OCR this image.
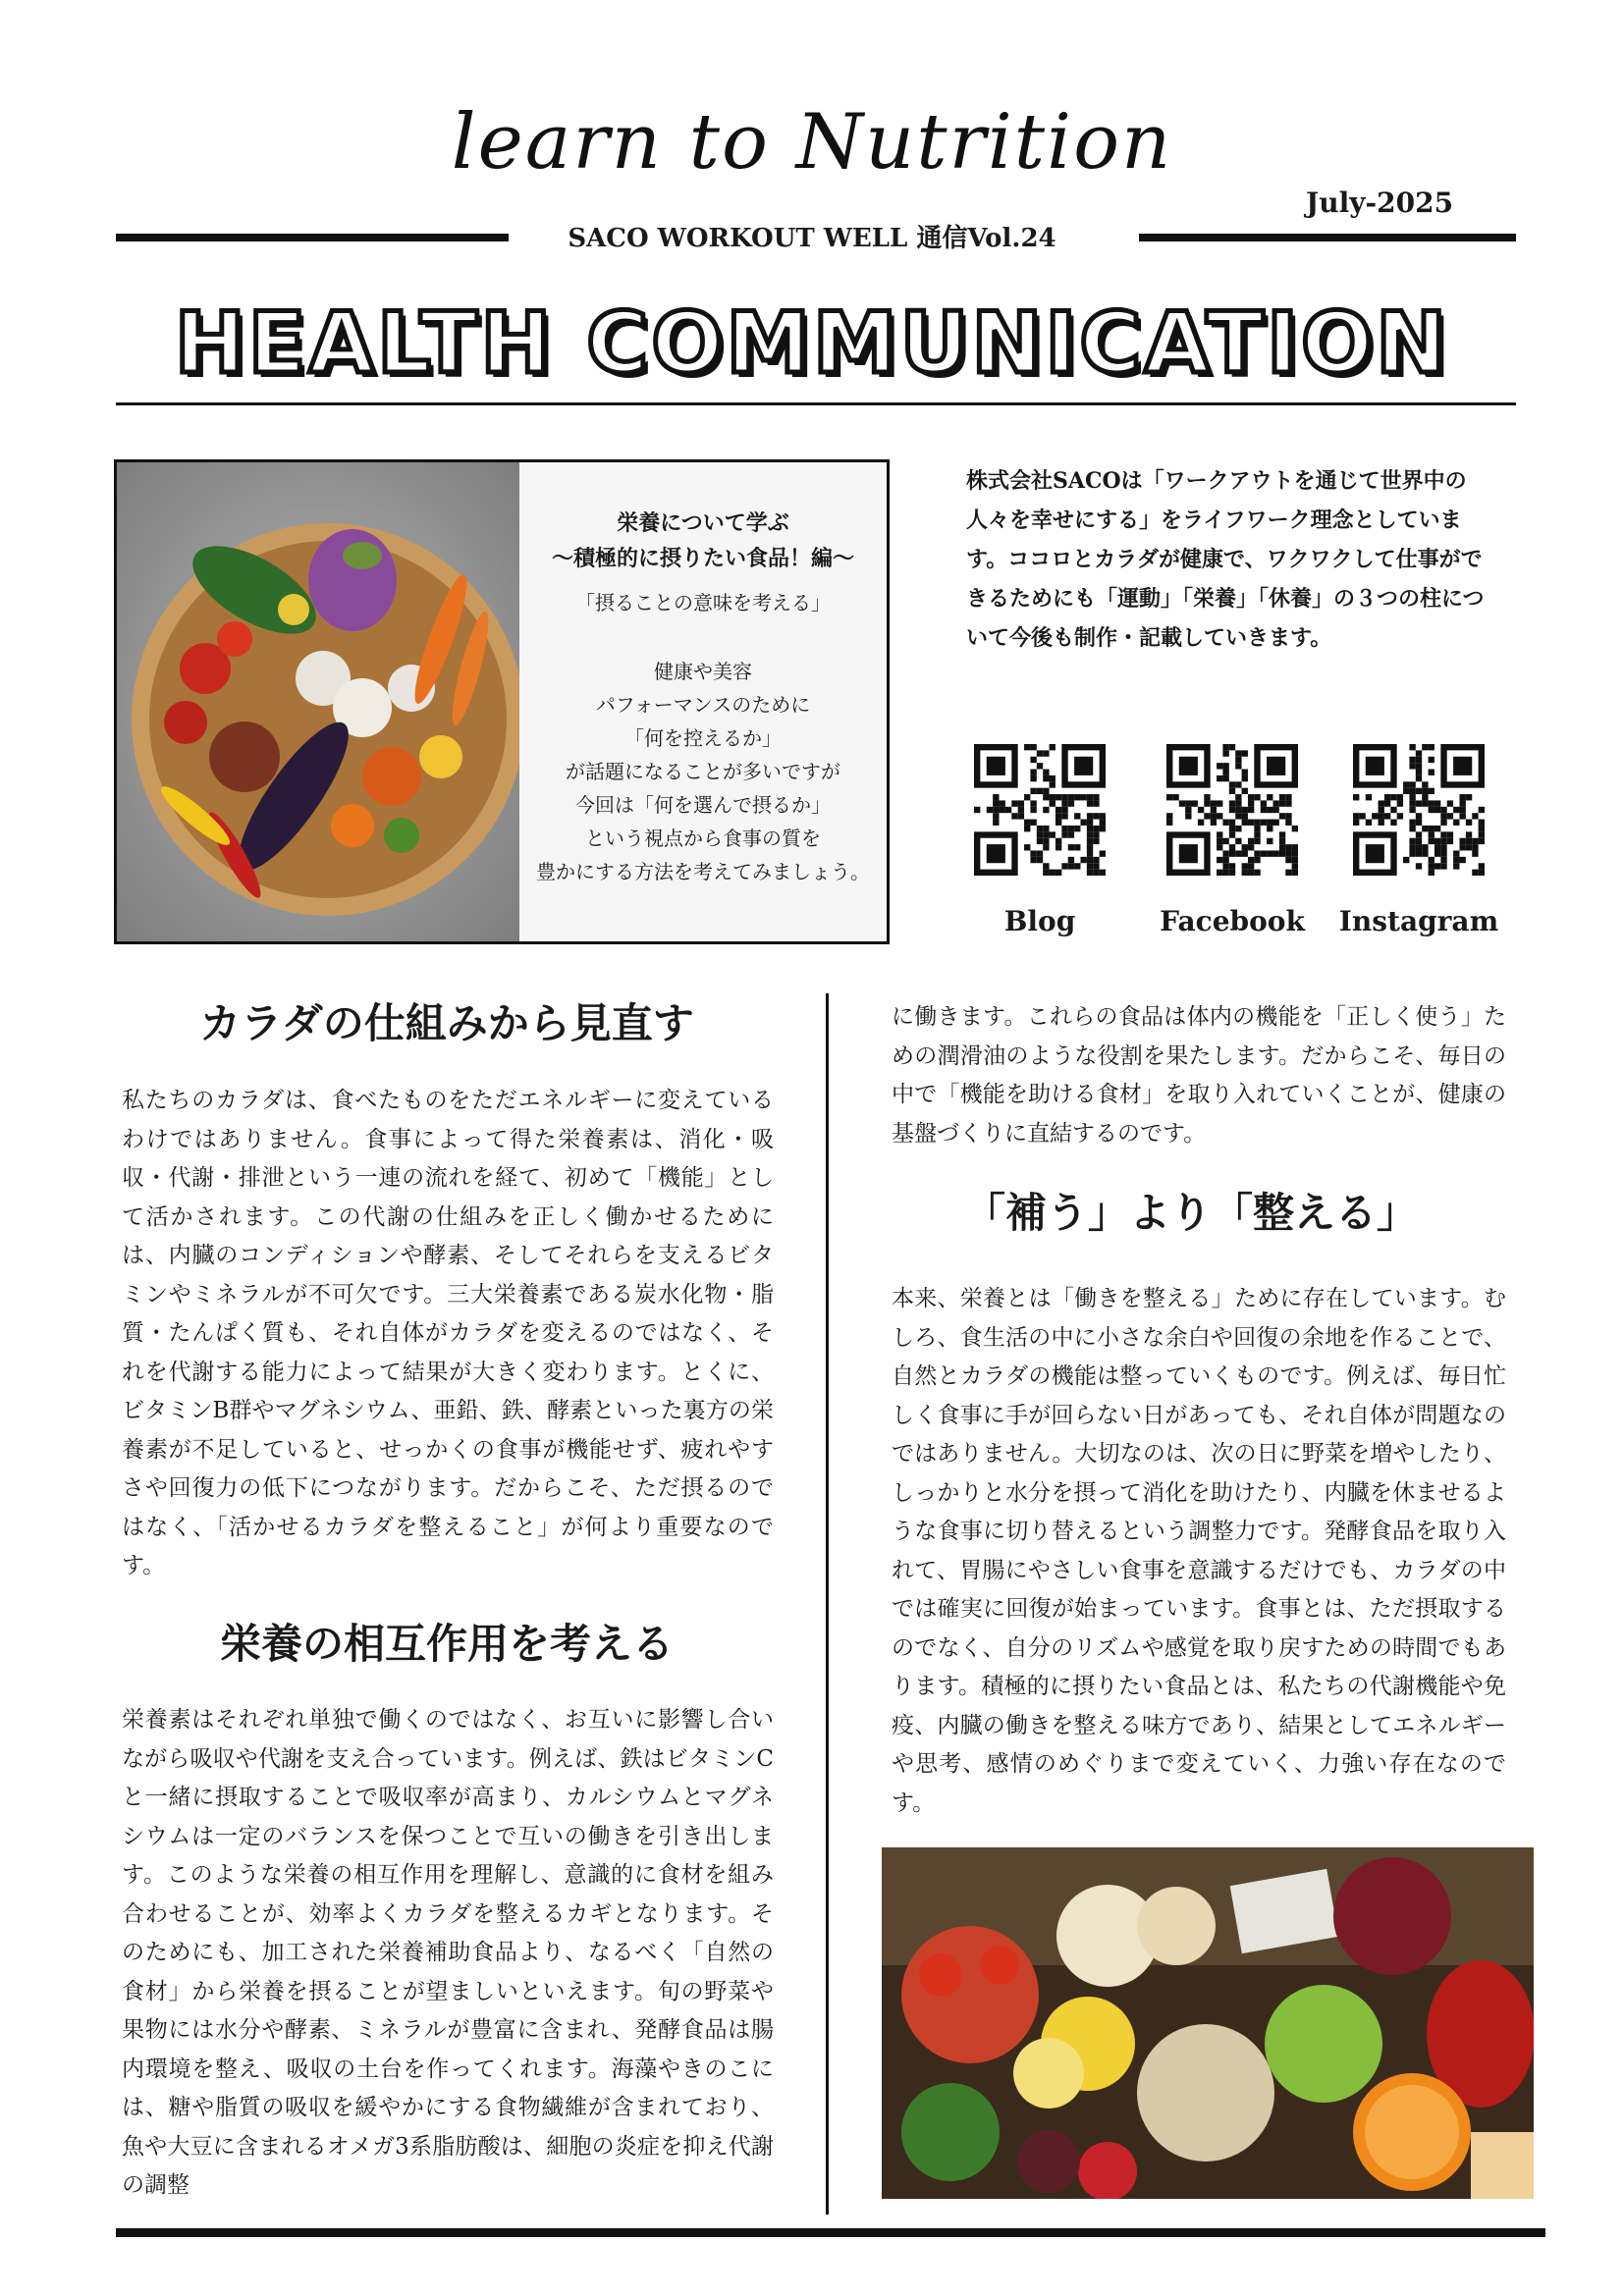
learn to Nutrition
July-2025
SACO WORKOUT WELL 通信Vol.24
HEALTH COMMUNICATION
栄養について学ぶ
〜積極的に摂りたい食品！編〜
「摂ることの意味を考える」
健康や美容
パフォーマンスのために
「何を控えるか」
が話題になることが多いですが
今回は「何を選んで摂るか」
という視点から食事の質を
豊かにする方法を考えてみましょう。
株式会社SACOは「ワークアウトを通じて世界中の人々を幸せにする」をライフワーク理念としています。ココロとカラダが健康で、ワクワクして仕事ができるためにも「運動」「栄養」「休養」の３つの柱について今後も制作・記載していきます。
Blog	Facebook	Instagram
カラダの仕組みから見直す
私たちのカラダは、食べたものをただエネルギーに変えているわけではありません。食事によって得た栄養素は、消化・吸収・代謝・排泄という一連の流れを経て、初めて「機能」として活かされます。この代謝の仕組みを正しく働かせるためには、内臓のコンディションや酵素、そしてそれらを支えるビタミンやミネラルが不可欠です。三大栄養素である炭水化物・脂質・たんぱく質も、それ自体がカラダを変えるのではなく、それを代謝する能力によって結果が大きく変わります。とくに、ビタミンB群やマグネシウム、亜鉛、鉄、酵素といった裏方の栄養素が不足していると、せっかくの食事が機能せず、疲れやすさや回復力の低下につながります。だからこそ、ただ摂るのではなく、「活かせるカラダを整えること」が何より重要なのです。
栄養の相互作用を考える
栄養素はそれぞれ単独で働くのではなく、お互いに影響し合いながら吸収や代謝を支え合っています。例えば、鉄はビタミンCと一緒に摂取することで吸収率が高まり、カルシウムとマグネシウムは一定のバランスを保つことで互いの働きを引き出します。このような栄養の相互作用を理解し、意識的に食材を組み合わせることが、効率よくカラダを整えるカギとなります。そのためにも、加工された栄養補助食品より、なるべく「自然の食材」から栄養を摂ることが望ましいといえます。旬の野菜や果物には水分や酵素、ミネラルが豊富に含まれ、発酵食品は腸内環境を整え、吸収の土台を作ってくれます。海藻やきのこには、糖や脂質の吸収を緩やかにする食物繊維が含まれており、魚や大豆に含まれるオメガ3系脂肪酸は、細胞の炎症を抑え代謝の調整
に働きます。これらの食品は体内の機能を「正しく使う」ための潤滑油のような役割を果たします。だからこそ、毎日の中で「機能を助ける食材」を取り入れていくことが、健康の基盤づくりに直結するのです。
「補う」より「整える」
本来、栄養とは「働きを整える」ために存在しています。むしろ、食生活の中に小さな余白や回復の余地を作ることで、自然とカラダの機能は整っていくものです。例えば、毎日忙しく食事に手が回らない日があっても、それ自体が問題なのではありません。大切なのは、次の日に野菜を増やしたり、しっかりと水分を摂って消化を助けたり、内臓を休ませるような食事に切り替えるという調整力です。発酵食品を取り入れて、胃腸にやさしい食事を意識するだけでも、カラダの中では確実に回復が始まっています。食事とは、ただ摂取するのでなく、自分のリズムや感覚を取り戻すための時間でもあります。積極的に摂りたい食品とは、私たちの代謝機能や免疫、内臓の働きを整える味方であり、結果としてエネルギーや思考、感情のめぐりまで変えていく、力強い存在なのです。
